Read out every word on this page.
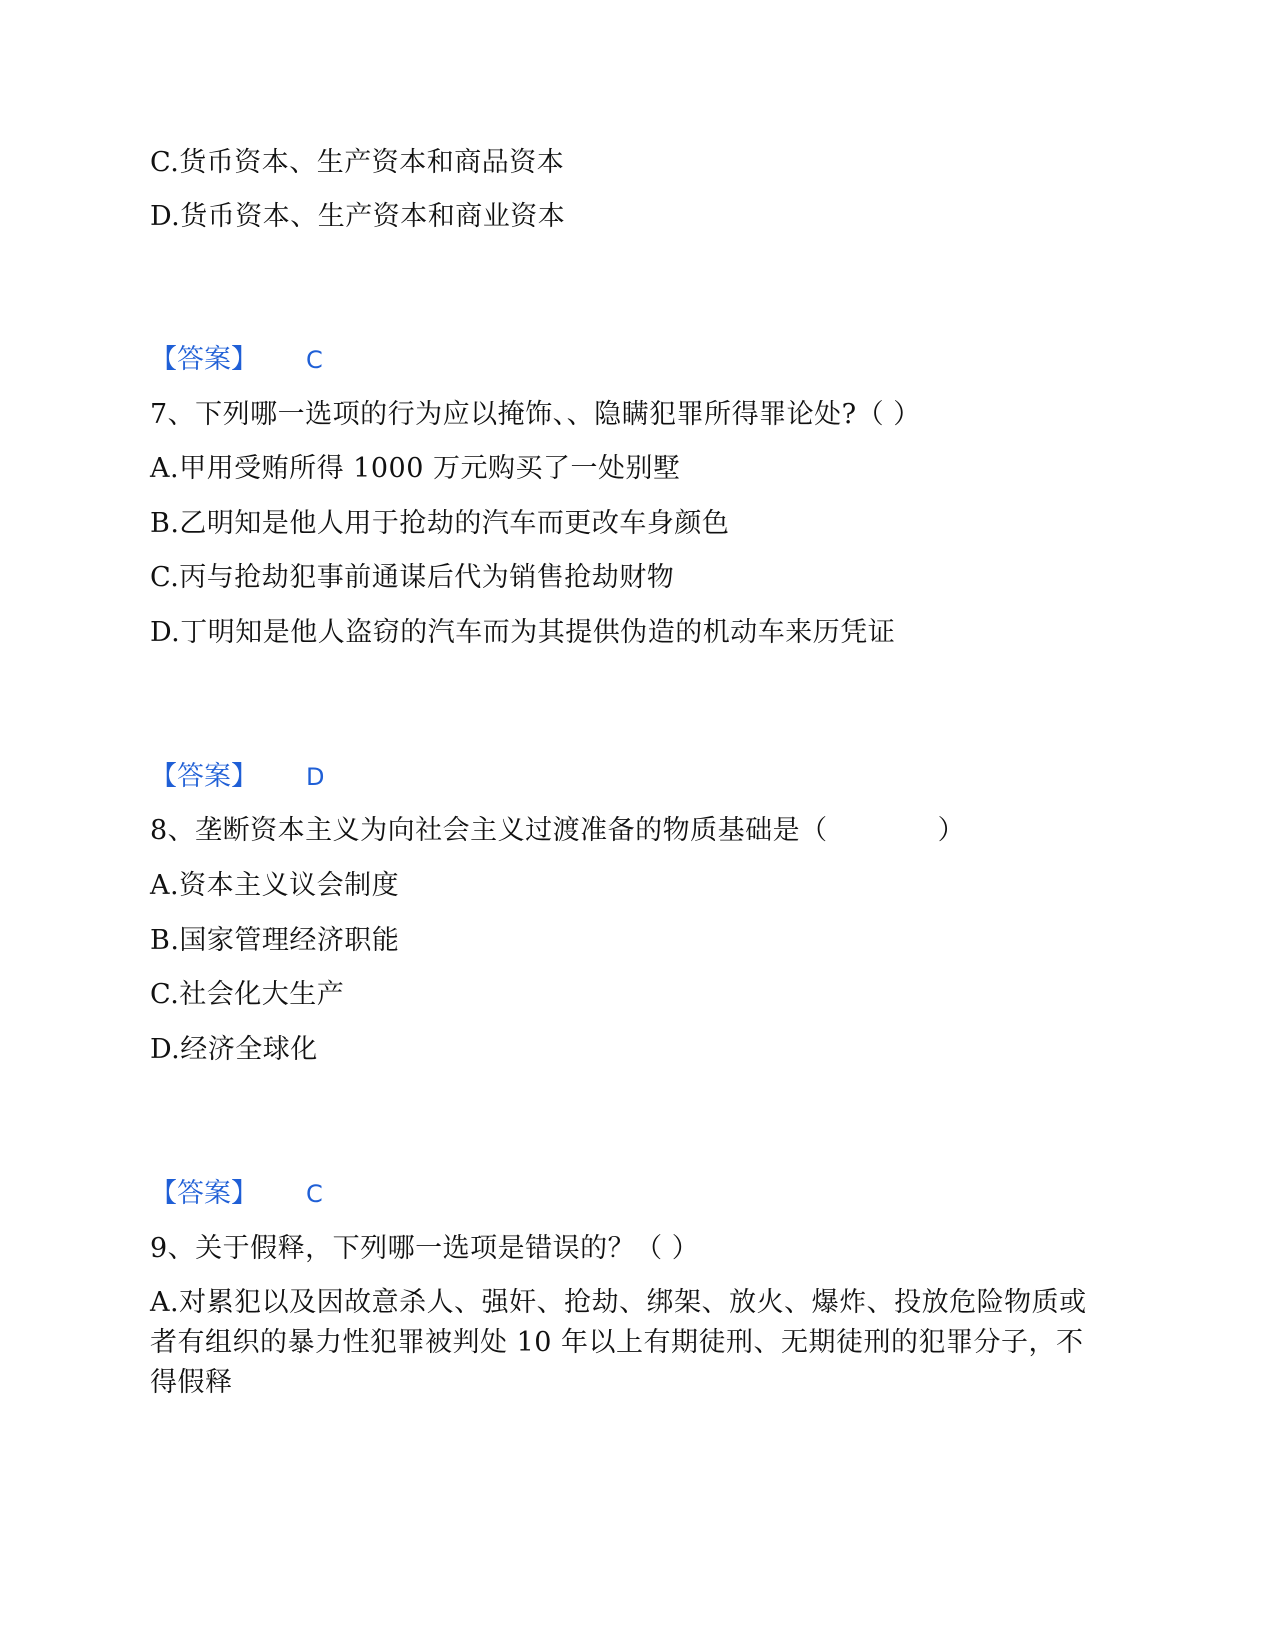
C.货币资本、生产资本和商品资本
D.货币资本、生产资本和商业资本
【答案】 C
7、下列哪一选项的行为应以掩饰、、隐瞒犯罪所得罪论处?（ ）
A.甲用受贿所得 1000 万元购买了一处别墅
B.乙明知是他人用于抢劫的汽车而更改车身颜色
C.丙与抢劫犯事前通谋后代为销售抢劫财物
D.丁明知是他人盗窃的汽车而为其提供伪造的机动车来历凭证
【答案】 D
8、垄断资本主义为向社会主义过渡准备的物质基础是（　　　　）
A.资本主义议会制度
B.国家管理经济职能
C.社会化大生产
D.经济全球化
【答案】 C
9、关于假释，下列哪一选项是错误的？（ ）
A.对累犯以及因故意杀人、强奸、抢劫、绑架、放火、爆炸、投放危险物质或者有组织的暴力性犯罪被判处 10 年以上有期徒刑、无期徒刑的犯罪分子，不得假释
